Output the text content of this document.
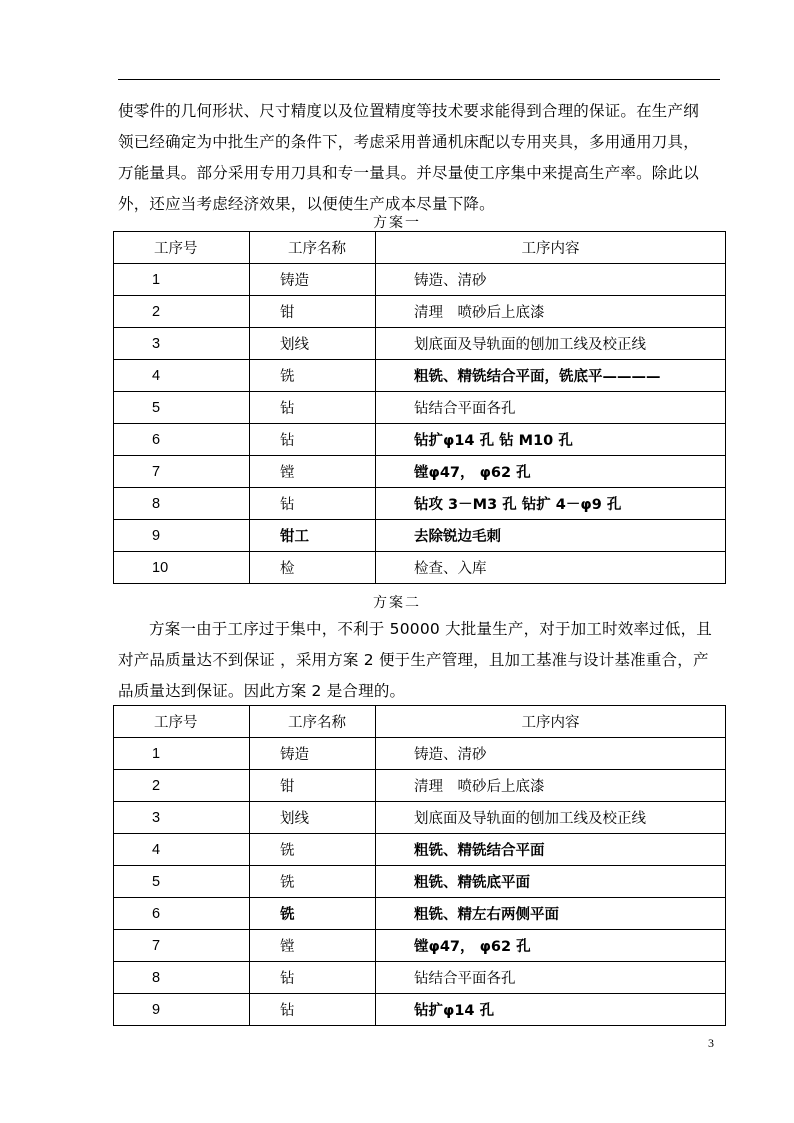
使零件的几何形状、尺寸精度以及位置精度等技术要求能得到合理的保证。在生产纲

领已经确定为中批生产的条件下，考虑采用普通机床配以专用夹具，多用通用刀具，

万能量具。部分采用专用刀具和专一量具。并尽量使工序集中来提高生产率。除此以

外，还应当考虑经济效果，以便使生产成本尽量下降。

方案一
工序号	工序名称	工序内容
1	铸造	铸造、清砂
2	钳	清理　喷砂后上底漆
3	划线	划底面及导轨面的刨加工线及校正线
4	铣	粗铣、精铣结合平面，铣底平————
5	钻	钻结合平面各孔
6	钻	钻扩φ14 孔 钻 M10 孔
7	镗	镗φ47， φ62 孔
8	钻	钻攻 3－M3 孔 钻扩 4－φ9 孔
9	钳工	去除锐边毛刺
10	检	检查、入库
方案二

方案一由于工序过于集中，不利于 50000 大批量生产，对于加工时效率过低，且

对产品质量达不到保证 ，采用方案 2 便于生产管理，且加工基准与设计基准重合，产

品质量达到保证。因此方案 2 是合理的。

工序号	工序名称	工序内容
1	铸造	铸造、清砂
2	钳	清理　喷砂后上底漆
3	划线	划底面及导轨面的刨加工线及校正线
4	铣	粗铣、精铣结合平面
5	铣	粗铣、精铣底平面
6	铣	粗铣、精左右两侧平面
7	镗	镗φ47， φ62 孔
8	钻	钻结合平面各孔
9	钻	钻扩φ14 孔
3
